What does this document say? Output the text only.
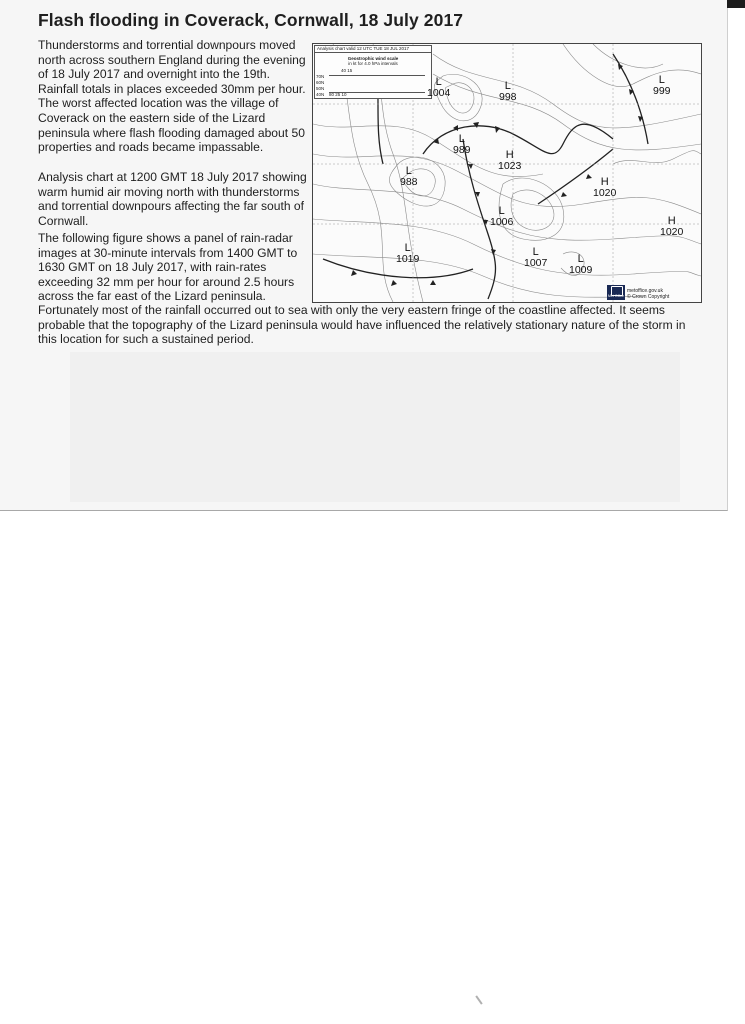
Flash flooding in Coverack, Cornwall, 18 July 2017

Thunderstorms and torrential downpours moved north across southern England during the evening of 18 July 2017 and overnight into the 19th. Rainfall totals in places exceeded 30mm per hour. The worst affected location was the village of Coverack on the eastern side of the Lizard peninsula where flash flooding damaged about 50 properties and roads became impassable.

Analysis chart at 1200 GMT 18 July 2017 showing warm humid air moving north with thunderstorms and torrential downpours affecting the far south of Cornwall.

The following figure shows a panel of rain-radar images at 30-minute intervals from 1400 GMT to 1630 GMT on 18 July 2017, with rain-rates exceeding 32 mm per hour for around 2.5 hours across the far east of the Lizard peninsula.

Fortunately most of the rainfall occurred out to sea with only the very eastern fringe of the coastline affected. It seems probable that the topography of the Lizard peninsula would have influenced the relatively stationary nature of the storm in this location for such a sustained period.

Analysis chart valid 12 UTC TUE 18 JUL 2017
Geostrophic wind scale
in kt for 4.0 hPa intervals
40 15
70N
60N
50N
40N 80 25 10
L
1004
L
998
L
999
L
989	H
1023
L
988	H
1020
L
1006	H
1020
L
1019
L
1007	L
1009
Met Office
metoffice.gov.uk
© Crown Copyright
